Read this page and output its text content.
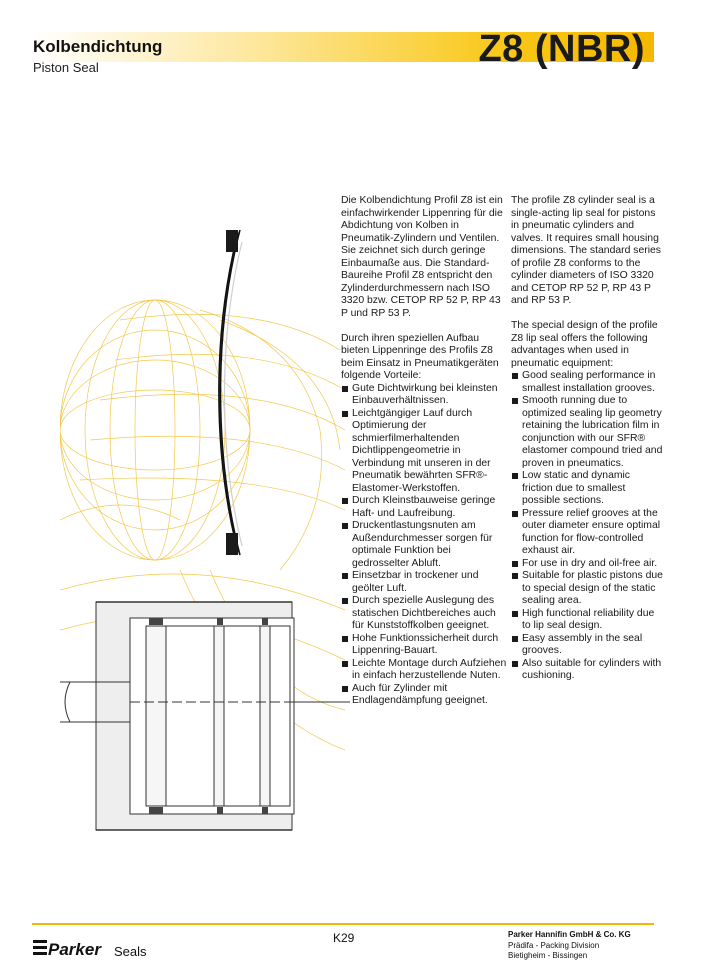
Kolbendichtung
Piston Seal	Z8 (NBR)

Die Kolbendichtung Profil Z8 ist ein einfachwirkender Lippenring für die Abdichtung von Kolben in Pneumatik-Zylindern und Ventilen. Sie zeichnet sich durch geringe Einbaumaße aus. Die Standard-Baureihe Profil Z8 entspricht den Zylinderdurchmessern nach ISO 3320 bzw. CETOP RP 52 P, RP 43 P und RP 53 P.

Durch ihren speziellen Aufbau bieten Lippenringe des Profils Z8 beim Einsatz in Pneumatikgeräten folgende Vorteile:

Gute Dichtwirkung bei kleinsten Einbauverhältnissen.
Leichtgängiger Lauf durch Optimierung der schmierfilmerhaltenden Dichtlippengeometrie in Verbindung mit unseren in der Pneumatik bewährten SFR®-Elastomer-Werkstoffen.
Durch Kleinstbauweise geringe Haft- und Laufreibung.
Druckentlastungsnuten am Außendurchmesser sorgen für optimale Funktion bei gedrosselter Abluft.
Einsetzbar in trockener und geölter Luft.
Durch spezielle Auslegung des statischen Dichtbereiches auch für Kunststoffkolben geeignet.
Hohe Funktionssicherheit durch Lippenring-Bauart.
Leichte Montage durch Aufziehen in einfach herzustellende Nuten.
Auch für Zylinder mit Endlagendämpfung geeignet.

The profile Z8 cylinder seal is a single-acting lip seal for pistons in pneumatic cylinders and valves. It requires small housing dimensions. The standard series of profile Z8 conforms to the cylinder diameters of ISO 3320 and CETOP RP 52 P, RP 43 P and RP 53 P.

The special design of the profile Z8 lip seal offers the following advantages when used in pneumatic equipment:

Good sealing performance in smallest installation grooves.
Smooth running due to optimized sealing lip geometry retaining the lubrication film in conjunction with our SFR® elastomer compound tried and proven in pneumatics.
Low static and dynamic friction due to smallest possible sections.
Pressure relief grooves at the outer diameter ensure optimal function for flow-controlled exhaust air.
For use in dry and oil-free air.
Suitable for plastic pistons due to special design of the static sealing area.
High functional reliability due to lip seal design.
Easy assembly in the seal grooves.
Also suitable for cylinders with cushioning.
Parker Seals
K29	Parker Hannifin GmbH & Co. KG
Prädifa - Packing Division
Bietigheim - Bissingen
